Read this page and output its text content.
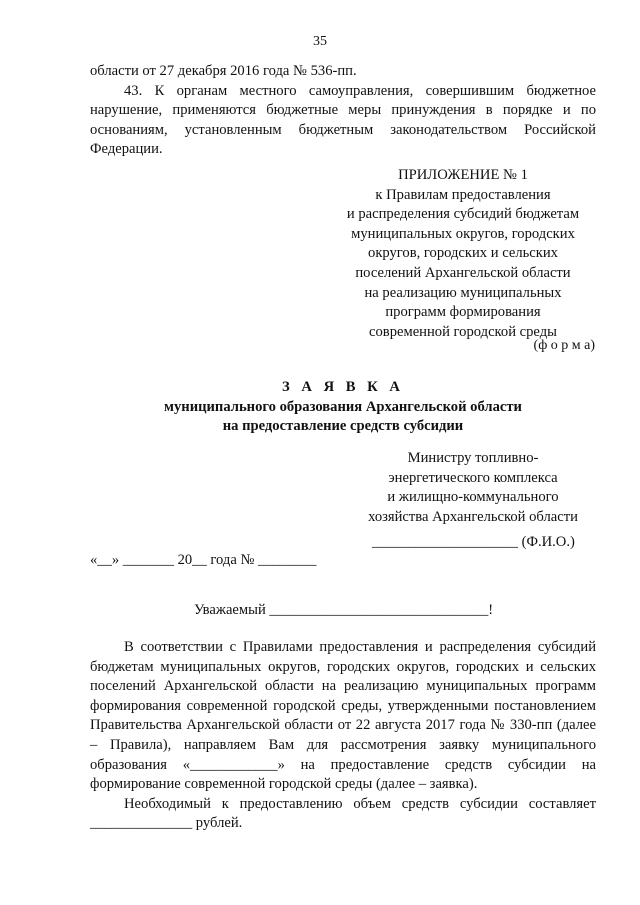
35

области от 27 декабря 2016 года № 536-пп.

43. К органам местного самоуправления, совершившим бюджетное нарушение, применяются бюджетные меры принуждения в порядке и по основаниям, установленным бюджетным законодательством Российской Федерации.

ПРИЛОЖЕНИЕ № 1
к Правилам предоставления
и распределения субсидий бюджетам
муниципальных округов, городских
округов, городских и сельских
поселений Архангельской области
на реализацию муниципальных
программ формирования
современной городской среды
(ф о р м а)
З А Я В К А
муниципального образования Архангельской области
на предоставление средств субсидии
Министру топливно-
энергетического комплекса
и жилищно-коммунального
хозяйства Архангельской области
____________________ (Ф.И.О.)
«__» _______ 20__ года № ________
Уважаемый ______________________________!

В соответствии с Правилами предоставления и распределения субсидий бюджетам муниципальных округов, городских округов, городских и сельских поселений Архангельской области на реализацию муниципальных программ формирования современной городской среды, утвержденными постановлением Правительства Архангельской области от 22 августа 2017 года № 330-пп (далее – Правила), направляем Вам для рассмотрения заявку муниципального образования «____________» на предоставление средств субсидии на формирование современной городской среды (далее – заявка).

Необходимый к предоставлению объем средств субсидии составляет ______________ рублей.
